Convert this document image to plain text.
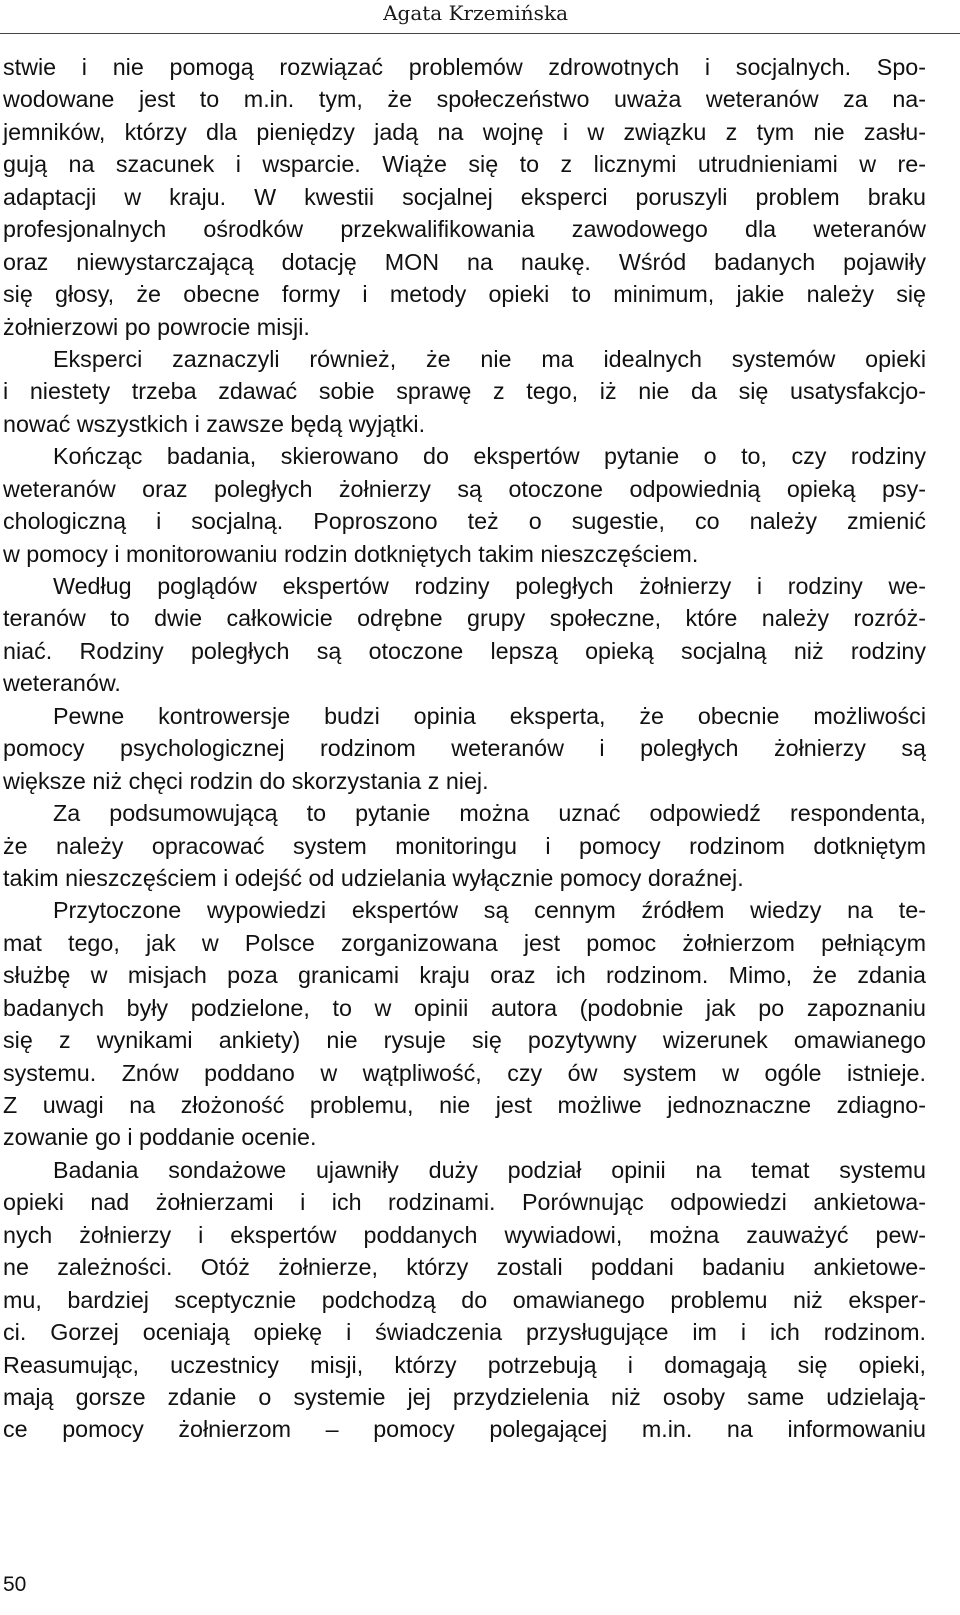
Agata Krzemińska
stwie i nie pomogą rozwiązać problemów zdrowotnych i socjalnych. Spo-
wodowane jest to m.in. tym, że społeczeństwo uważa weteranów za na-
jemników, którzy dla pieniędzy jadą na wojnę i w związku z tym nie zasłu-
gują na szacunek i wsparcie. Wiąże się to z licznymi utrudnieniami w re-
adaptacji w kraju. W kwestii socjalnej eksperci poruszyli problem braku
profesjonalnych ośrodków przekwalifikowania zawodowego dla weteranów
oraz niewystarczającą dotację MON na naukę. Wśród badanych pojawiły
się głosy, że obecne formy i metody opieki to minimum, jakie należy się
żołnierzowi po powrocie misji.
Eksperci zaznaczyli również, że nie ma idealnych systemów opieki
i niestety trzeba zdawać sobie sprawę z tego, iż nie da się usatysfakcjo-
nować wszystkich i zawsze będą wyjątki.
Kończąc badania, skierowano do ekspertów pytanie o to, czy rodziny
weteranów oraz poległych żołnierzy są otoczone odpowiednią opieką psy-
chologiczną i socjalną. Poproszono też o sugestie, co należy zmienić
w pomocy i monitorowaniu rodzin dotkniętych takim nieszczęściem.
Według poglądów ekspertów rodziny poległych żołnierzy i rodziny we-
teranów to dwie całkowicie odrębne grupy społeczne, które należy rozróż-
niać. Rodziny poległych są otoczone lepszą opieką socjalną niż rodziny
weteranów.
Pewne kontrowersje budzi opinia eksperta, że obecnie możliwości
pomocy psychologicznej rodzinom weteranów i poległych żołnierzy są
większe niż chęci rodzin do skorzystania z niej.
Za podsumowującą to pytanie można uznać odpowiedź respondenta,
że należy opracować system monitoringu i pomocy rodzinom dotkniętym
takim nieszczęściem i odejść od udzielania wyłącznie pomocy doraźnej.
Przytoczone wypowiedzi ekspertów są cennym źródłem wiedzy na te-
mat tego, jak w Polsce zorganizowana jest pomoc żołnierzom pełniącym
służbę w misjach poza granicami kraju oraz ich rodzinom. Mimo, że zdania
badanych były podzielone, to w opinii autora (podobnie jak po zapoznaniu
się z wynikami ankiety) nie rysuje się pozytywny wizerunek omawianego
systemu. Znów poddano w wątpliwość, czy ów system w ogóle istnieje.
Z uwagi na złożoność problemu, nie jest możliwe jednoznaczne zdiagno-
zowanie go i poddanie ocenie.
Badania sondażowe ujawniły duży podział opinii na temat systemu
opieki nad żołnierzami i ich rodzinami. Porównując odpowiedzi ankietowa-
nych żołnierzy i ekspertów poddanych wywiadowi, można zauważyć pew-
ne zależności. Otóż żołnierze, którzy zostali poddani badaniu ankietowe-
mu, bardziej sceptycznie podchodzą do omawianego problemu niż eksper-
ci. Gorzej oceniają opiekę i świadczenia przysługujące im i ich rodzinom.
Reasumując, uczestnicy misji, którzy potrzebują i domagają się opieki,
mają gorsze zdanie o systemie jej przydzielenia niż osoby same udzielają-
ce pomocy żołnierzom – pomocy polegającej m.in. na informowaniu
50
